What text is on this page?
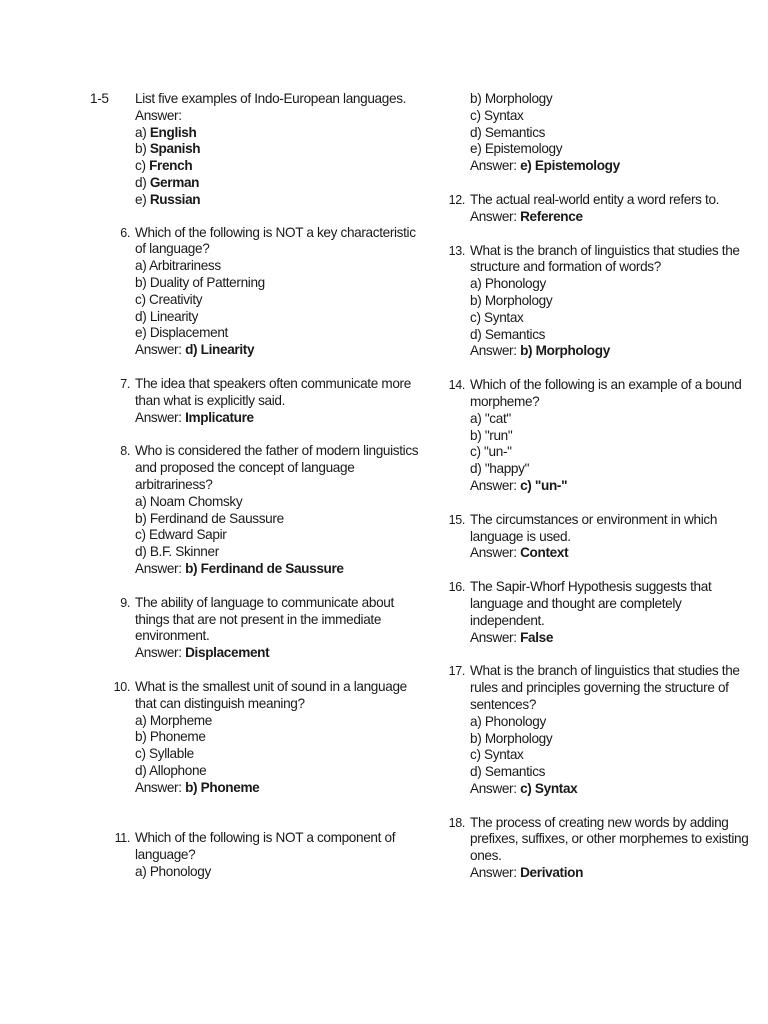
1-5	List five examples of Indo-European languages.
Answer:
a) English
b) Spanish
c) French
d) German
e) Russian
6. Which of the following is NOT a key characteristic of language?
a) Arbitrariness
b) Duality of Patterning
c) Creativity
d) Linearity
e) Displacement
Answer: d) Linearity
7. The idea that speakers often communicate more than what is explicitly said.
Answer: Implicature
8. Who is considered the father of modern linguistics and proposed the concept of language arbitrariness?
a) Noam Chomsky
b) Ferdinand de Saussure
c) Edward Sapir
d) B.F. Skinner
Answer: b) Ferdinand de Saussure
9. The ability of language to communicate about things that are not present in the immediate environment.
Answer: Displacement
10. What is the smallest unit of sound in a language that can distinguish meaning?
a) Morpheme
b) Phoneme
c) Syllable
d) Allophone
Answer: b) Phoneme
11. Which of the following is NOT a component of language?
a) Phonology
b) Morphology
c) Syntax
d) Semantics
e) Epistemology
Answer: e) Epistemology
12. The actual real-world entity a word refers to.
Answer: Reference
13. What is the branch of linguistics that studies the structure and formation of words?
a) Phonology
b) Morphology
c) Syntax
d) Semantics
Answer: b) Morphology
14. Which of the following is an example of a bound morpheme?
a) "cat"
b) "run"
c) "un-"
d) "happy"
Answer: c) "un-"
15. The circumstances or environment in which language is used.
Answer: Context
16. The Sapir-Whorf Hypothesis suggests that language and thought are completely independent.
Answer: False
17. What is the branch of linguistics that studies the rules and principles governing the structure of sentences?
a) Phonology
b) Morphology
c) Syntax
d) Semantics
Answer: c) Syntax
18. The process of creating new words by adding prefixes, suffixes, or other morphemes to existing ones.
Answer: Derivation
